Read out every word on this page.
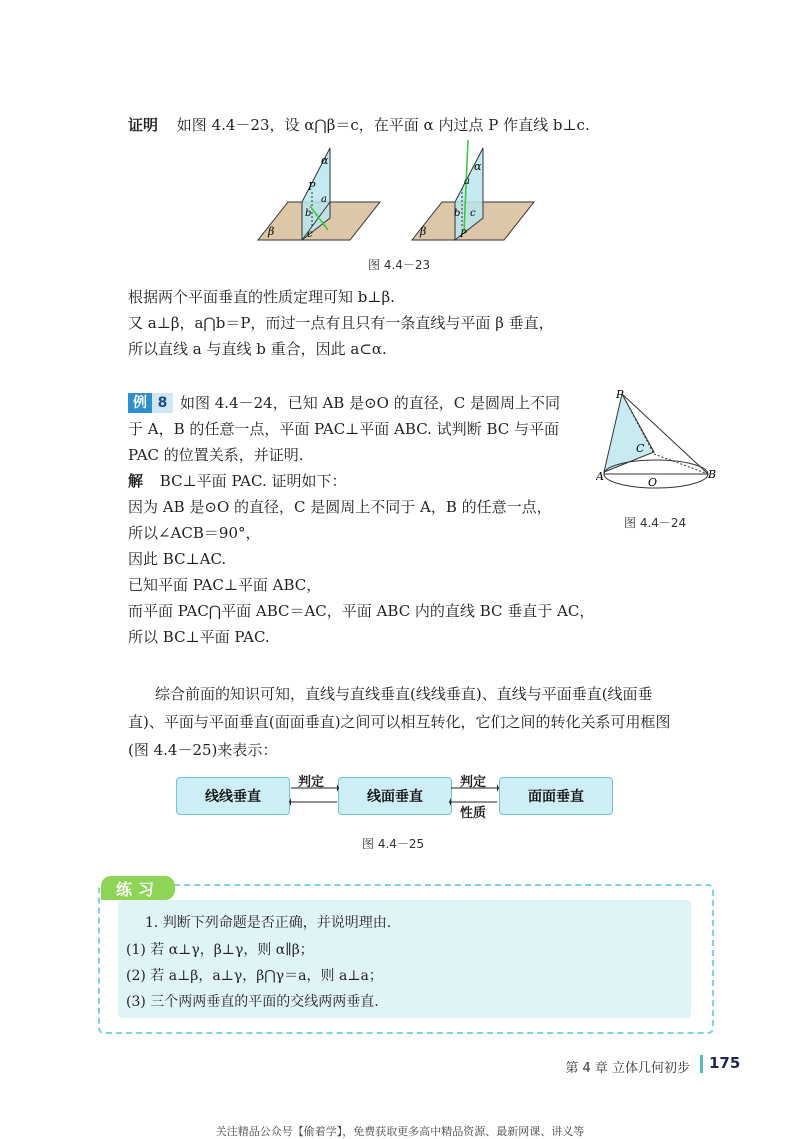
证明 如图 4.4－23，设 α⋂β＝c，在平面 α 内过点 P 作直线 b⊥c.
α
P
a
b
β	c
a
α
b c
β	P
图 4.4－23
根据两个平面垂直的性质定理可知 b⊥β.
又 a⊥β，a⋂b＝P，而过一点有且只有一条直线与平面 β 垂直，
所以直线 a 与直线 b 重合，因此 a⊂α.
例 8 如图 4.4－24，已知 AB 是⊙O 的直径，C 是圆周上不同
于 A，B 的任意一点，平面 PAC⊥平面 ABC. 试判断 BC 与平面
PAC 的位置关系，并证明.
解 BC⊥平面 PAC. 证明如下：
因为 AB 是⊙O 的直径，C 是圆周上不同于 A，B 的任意一点，
所以∠ACB＝90°，
因此 BC⊥AC.
已知平面 PAC⊥平面 ABC，
而平面 PAC⋂平面 ABC＝AC，平面 ABC 内的直线 BC 垂直于 AC，
所以 BC⊥平面 PAC.
P
C
A	O
B
图 4.4－24
综合前面的知识可知，直线与直线垂直(线线垂直)、直线与平面垂直(线面垂
直)、平面与平面垂直(面面垂直)之间可以相互转化，它们之间的转化关系可用框图
(图 4.4－25)来表示：
线线垂直	线面垂直	面面垂直
判定	判定
性质
图 4.4－25
练习
1. 判断下列命题是否正确，并说明理由.
(1) 若 α⊥γ，β⊥γ，则 α∥β；
(2) 若 a⊥β，a⊥γ，β⋂γ＝a，则 a⊥a；
(3) 三个两两垂直的平面的交线两两垂直.
第 4 章 立体几何初步 175
关注精品公众号【偷着学】，免费获取更多高中精品资源、最新网课、讲义等
